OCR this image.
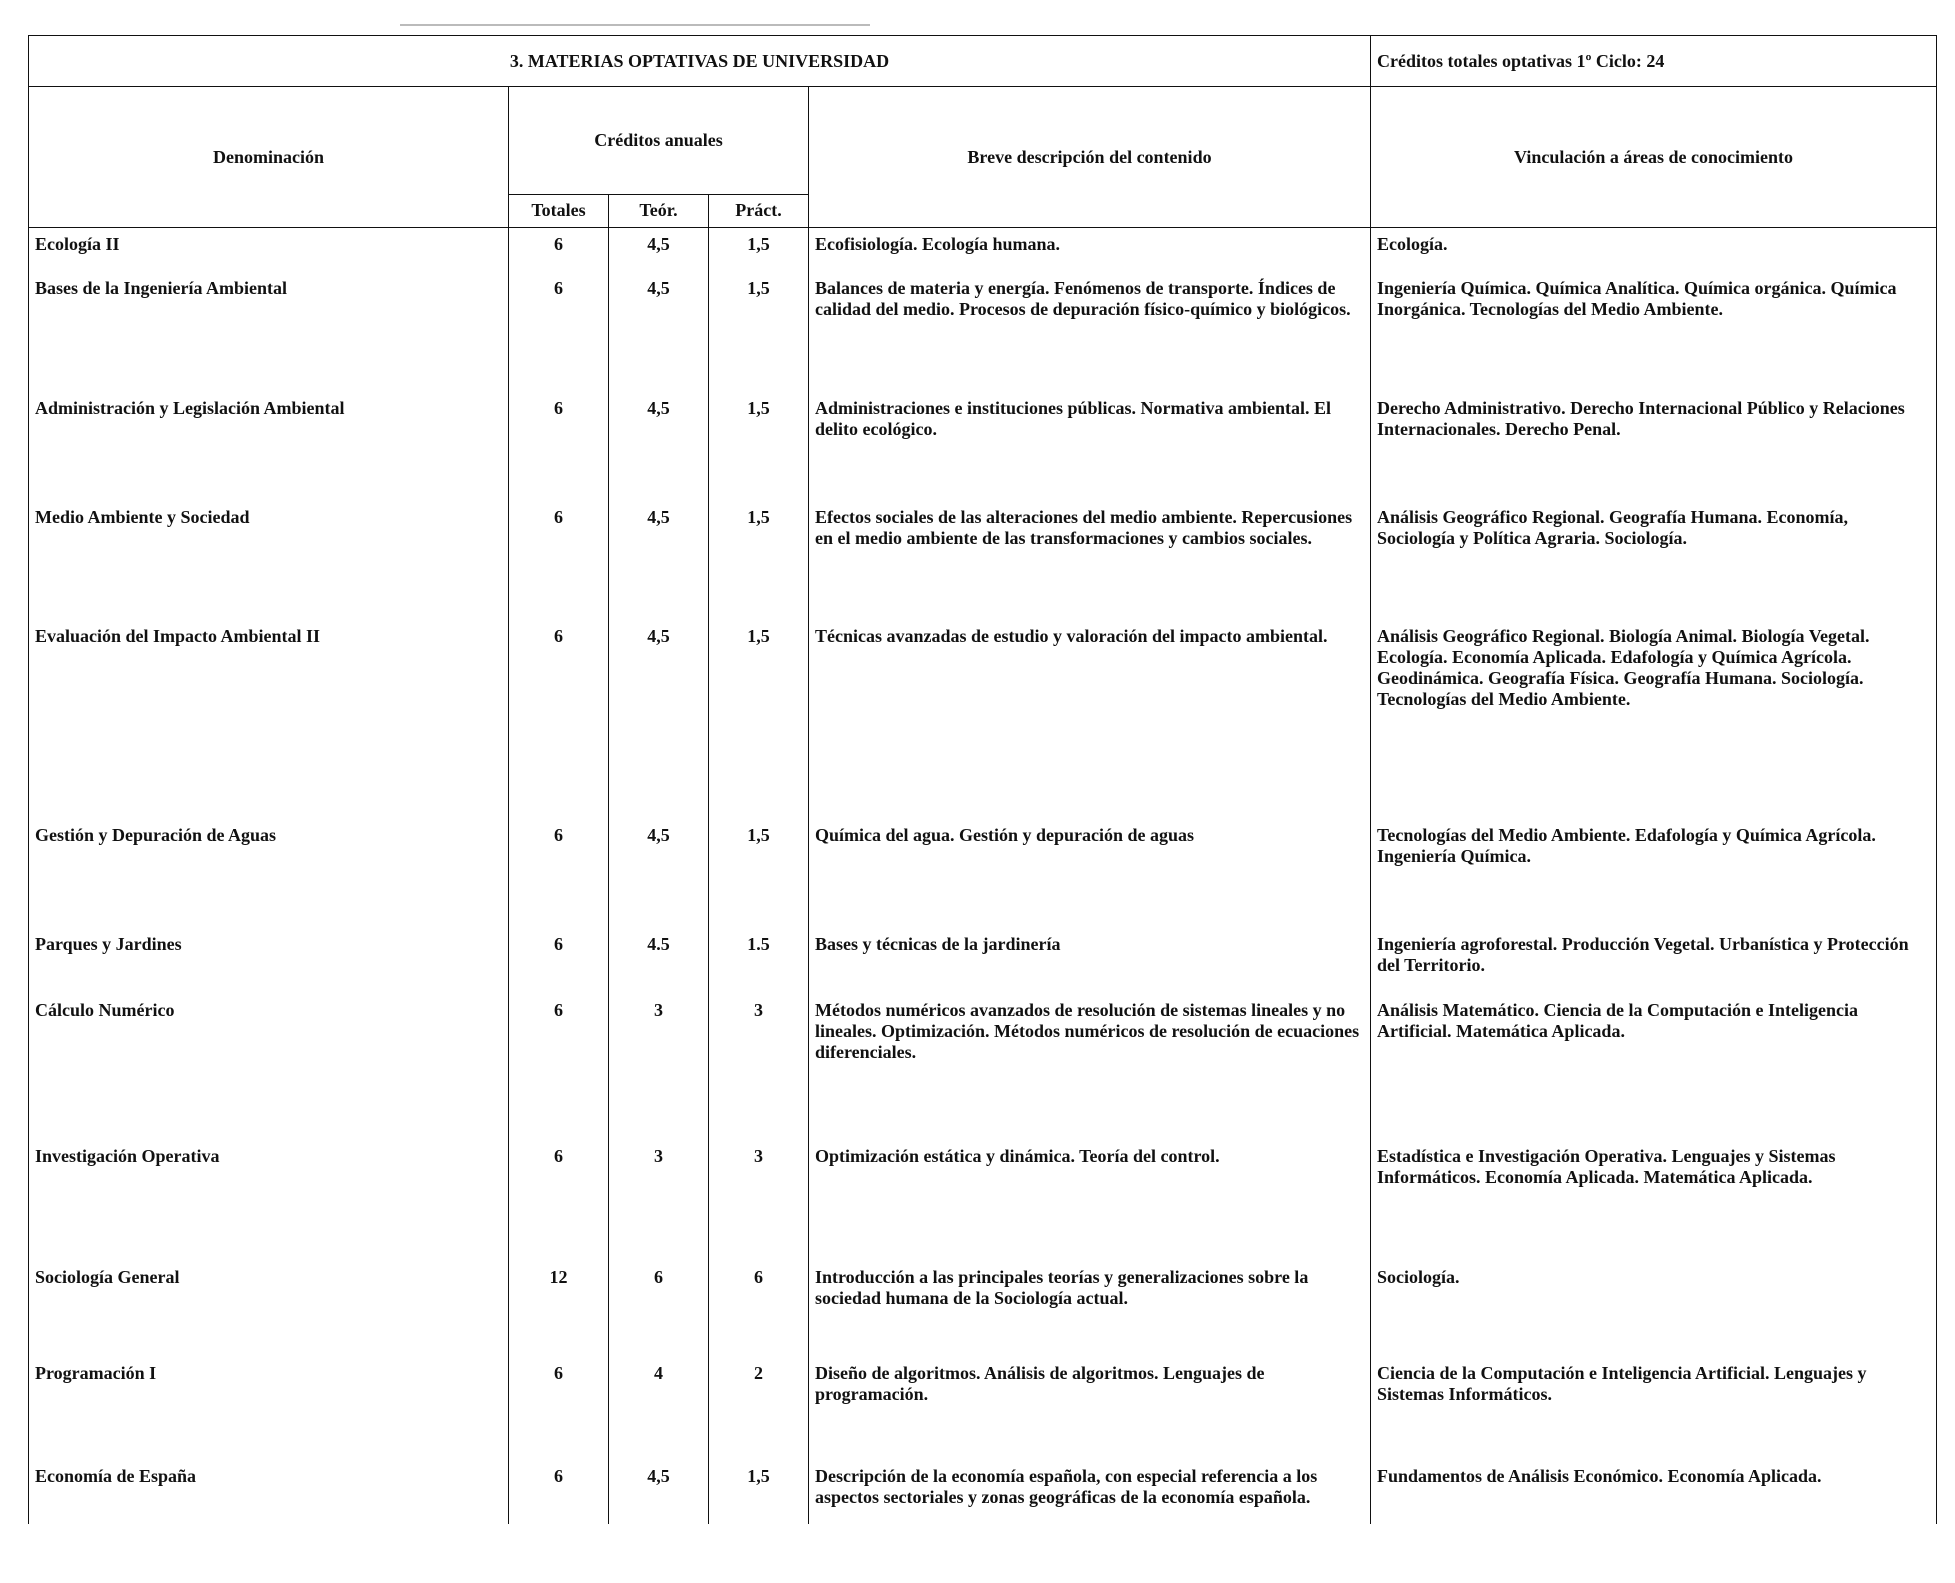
3. MATERIAS OPTATIVAS DE UNIVERSIDAD					Créditos totales optativas 1º Ciclo: 24
Denominación	Créditos anuales			Breve descripción del contenido	Vinculación a áreas de conocimiento
	Totales	Teór.	Práct.		
Ecología II	6	4,5	1,5	Ecofisiología. Ecología humana.	Ecología.
Bases de la Ingeniería Ambiental	6	4,5	1,5	Balances de materia y energía. Fenómenos de transporte. Índices de calidad del medio. Procesos de depuración físico-químico y biológicos.	Ingeniería Química. Química Analítica. Química orgánica. Química Inorgánica. Tecnologías del Medio Ambiente.
Administración y Legislación Ambiental	6	4,5	1,5	Administraciones e instituciones públicas. Normativa ambiental. El delito ecológico.	Derecho Administrativo. Derecho Internacional Público y Relaciones Internacionales. Derecho Penal.
Medio Ambiente y Sociedad	6	4,5	1,5	Efectos sociales de las alteraciones del medio ambiente. Repercusiones en el medio ambiente de las transformaciones y cambios sociales.	Análisis Geográfico Regional. Geografía Humana. Economía, Sociología y Política Agraria. Sociología.
Evaluación del Impacto Ambiental II	6	4,5	1,5	Técnicas avanzadas de estudio y valoración del impacto ambiental.	Análisis Geográfico Regional. Biología Animal. Biología Vegetal. Ecología. Economía Aplicada. Edafología y Química Agrícola. Geodinámica. Geografía Física. Geografía Humana. Sociología. Tecnologías del Medio Ambiente.
Gestión y Depuración de Aguas	6	4,5	1,5	Química del agua. Gestión y depuración de aguas	Tecnologías del Medio Ambiente. Edafología y Química Agrícola. Ingeniería Química.
Parques y Jardines	6	4.5	1.5	Bases y técnicas de la jardinería	Ingeniería agroforestal. Producción Vegetal. Urbanística y Protección del Territorio.
Cálculo Numérico	6	3	3	Métodos numéricos avanzados de resolución de sistemas lineales y no lineales. Optimización. Métodos numéricos de resolución de ecuaciones diferenciales.	Análisis Matemático. Ciencia de la Computación e Inteligencia Artificial. Matemática Aplicada.
Investigación Operativa	6	3	3	Optimización estática y dinámica. Teoría del control.	Estadística e Investigación Operativa. Lenguajes y Sistemas Informáticos. Economía Aplicada. Matemática Aplicada.
Sociología General	12	6	6	Introducción a las principales teorías y generalizaciones sobre la sociedad humana de la Sociología actual.	Sociología.
Programación I	6	4	2	Diseño de algoritmos. Análisis de algoritmos. Lenguajes de programación.	Ciencia de la Computación e Inteligencia Artificial. Lenguajes y Sistemas Informáticos.
Economía de España	6	4,5	1,5	Descripción de la economía española, con especial referencia a los aspectos sectoriales y zonas geográficas de la economía española.	Fundamentos de Análisis Económico. Economía Aplicada.
